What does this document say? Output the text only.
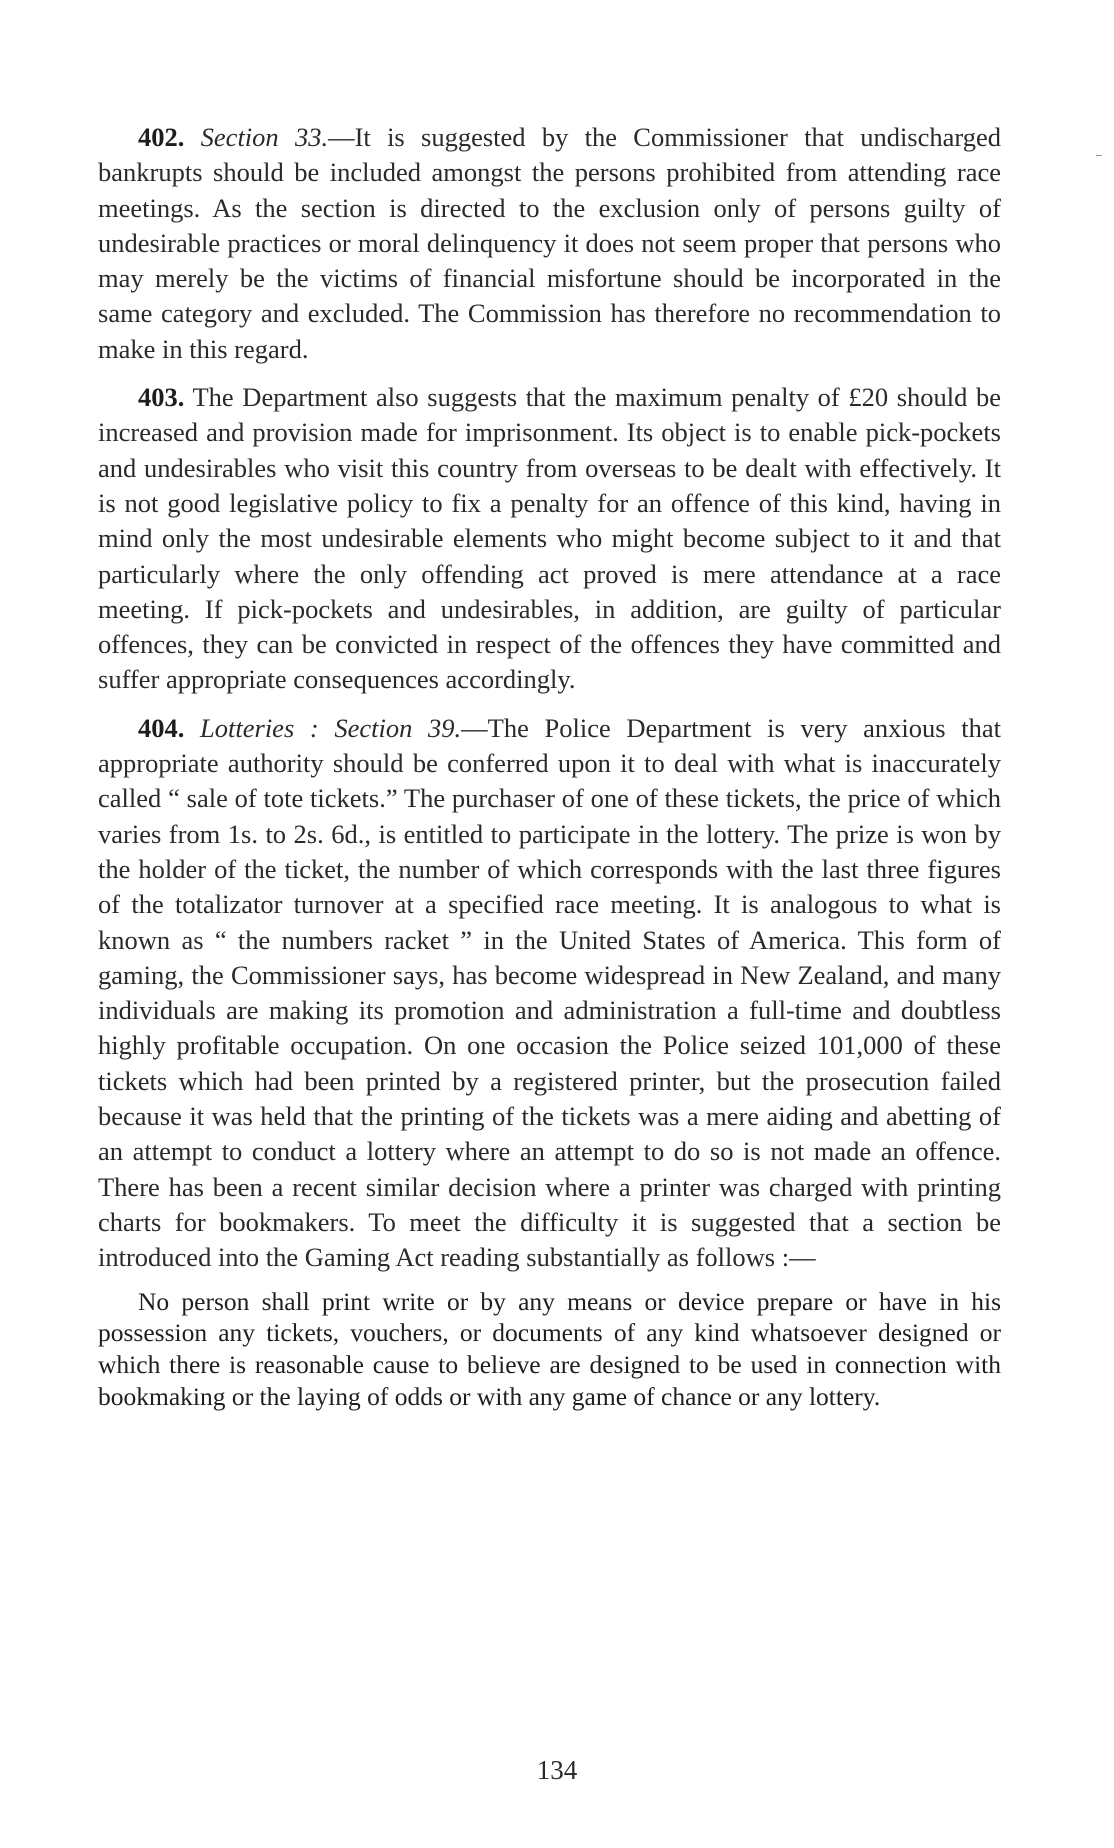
402. Section 33.—It is suggested by the Commissioner that undischarged bankrupts should be included amongst the persons prohibited from attending race meetings. As the section is directed to the exclusion only of persons guilty of undesirable practices or moral delinquency it does not seem proper that persons who may merely be the victims of financial misfortune should be incorporated in the same category and excluded. The Commission has therefore no recommendation to make in this regard.

403. The Department also suggests that the maximum penalty of £20 should be increased and provision made for imprisonment. Its object is to enable pick-pockets and undesirables who visit this country from overseas to be dealt with effectively. It is not good legislative policy to fix a penalty for an offence of this kind, having in mind only the most undesirable elements who might become subject to it and that particularly where the only offending act proved is mere attendance at a race meeting. If pick-pockets and undesirables, in addition, are guilty of particular offences, they can be convicted in respect of the offences they have committed and suffer appropriate consequences accordingly.

404. Lotteries : Section 39.—The Police Department is very anxious that appropriate authority should be conferred upon it to deal with what is inaccurately called “ sale of tote tickets.” The purchaser of one of these tickets, the price of which varies from 1s. to 2s. 6d., is entitled to participate in the lottery. The prize is won by the holder of the ticket, the number of which corresponds with the last three figures of the totalizator turnover at a specified race meeting. It is analogous to what is known as “ the numbers racket ” in the United States of America. This form of gaming, the Commissioner says, has become widespread in New Zealand, and many individuals are making its promotion and administration a full-time and doubtless highly profitable occupation. On one occasion the Police seized 101,000 of these tickets which had been printed by a registered printer, but the prosecution failed because it was held that the printing of the tickets was a mere aiding and abetting of an attempt to conduct a lottery where an attempt to do so is not made an offence. There has been a recent similar decision where a printer was charged with printing charts for bookmakers. To meet the difficulty it is suggested that a section be introduced into the Gaming Act reading substantially as follows :—

No person shall print write or by any means or device prepare or have in his possession any tickets, vouchers, or documents of any kind whatsoever designed or which there is reasonable cause to believe are designed to be used in connection with bookmaking or the laying of odds or with any game of chance or any lottery.

134
